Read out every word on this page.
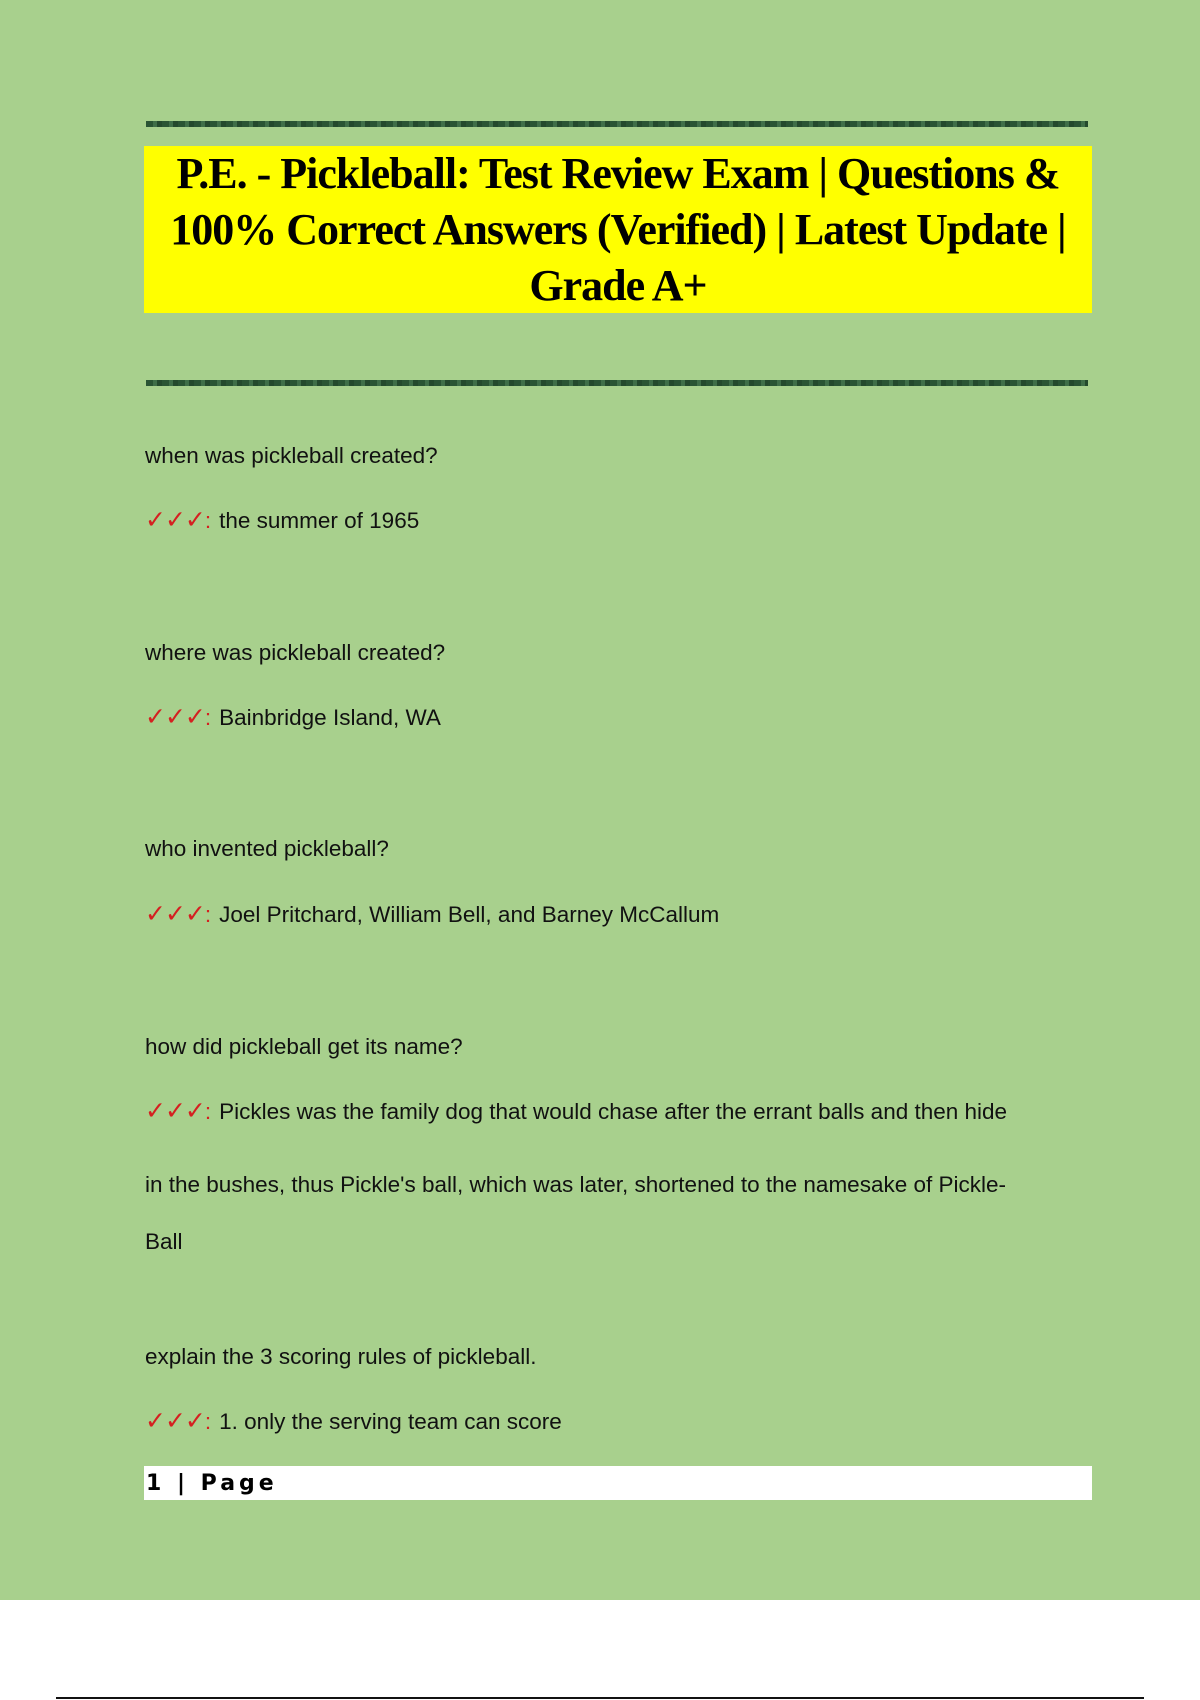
P.E. - Pickleball: Test Review Exam | Questions & 100% Correct Answers (Verified) | Latest Update | Grade A+
when was pickleball created?
✓✓✓: the summer of 1965
where was pickleball created?
✓✓✓: Bainbridge Island, WA
who invented pickleball?
✓✓✓: Joel Pritchard, William Bell, and Barney McCallum
how did pickleball get its name?
✓✓✓: Pickles was the family dog that would chase after the errant balls and then hide
in the bushes, thus Pickle's ball, which was later, shortened to the namesake of Pickle-
Ball
explain the 3 scoring rules of pickleball.
✓✓✓: 1. only the serving team can score
1 | Page
